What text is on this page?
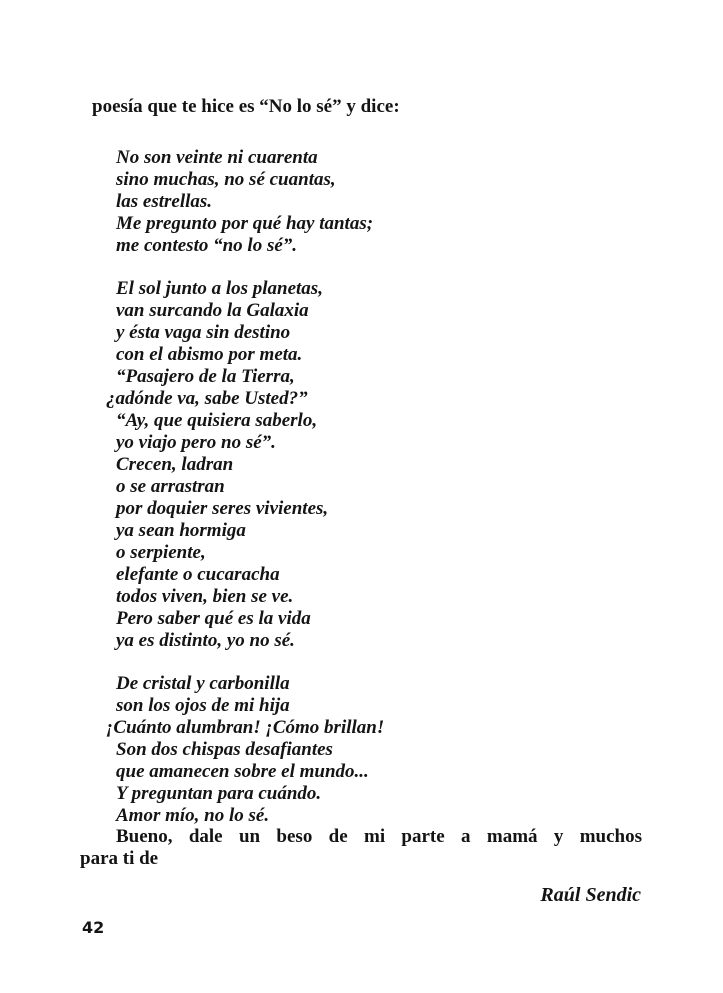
poesía que te hice es “No lo sé” y dice:

No son veinte ni cuarenta

sino muchas, no sé cuantas,

las estrellas.

Me pregunto por qué hay tantas;

me contesto “no lo sé”.

El sol junto a los planetas,

van surcando la Galaxia

y ésta vaga sin destino

con el abismo por meta.

“Pasajero de la Tierra,

¿adónde va, sabe Usted?”

“Ay, que quisiera saberlo,

yo viajo pero no sé”.

Crecen, ladran

o se arrastran

por doquier seres vivientes,

ya sean hormiga

o serpiente,

elefante o cucaracha

todos viven, bien se ve.

Pero saber qué es la vida

ya es distinto, yo no sé.

De cristal y carbonilla

son los ojos de mi hija

¡Cuánto alumbran! ¡Cómo brillan!

Son dos chispas desafiantes

que amanecen sobre el mundo...

Y preguntan para cuándo.

Amor mío, no lo sé.

Bueno, dale un beso de mi parte a mamá y muchos

para ti de

Raúl Sendic
42
